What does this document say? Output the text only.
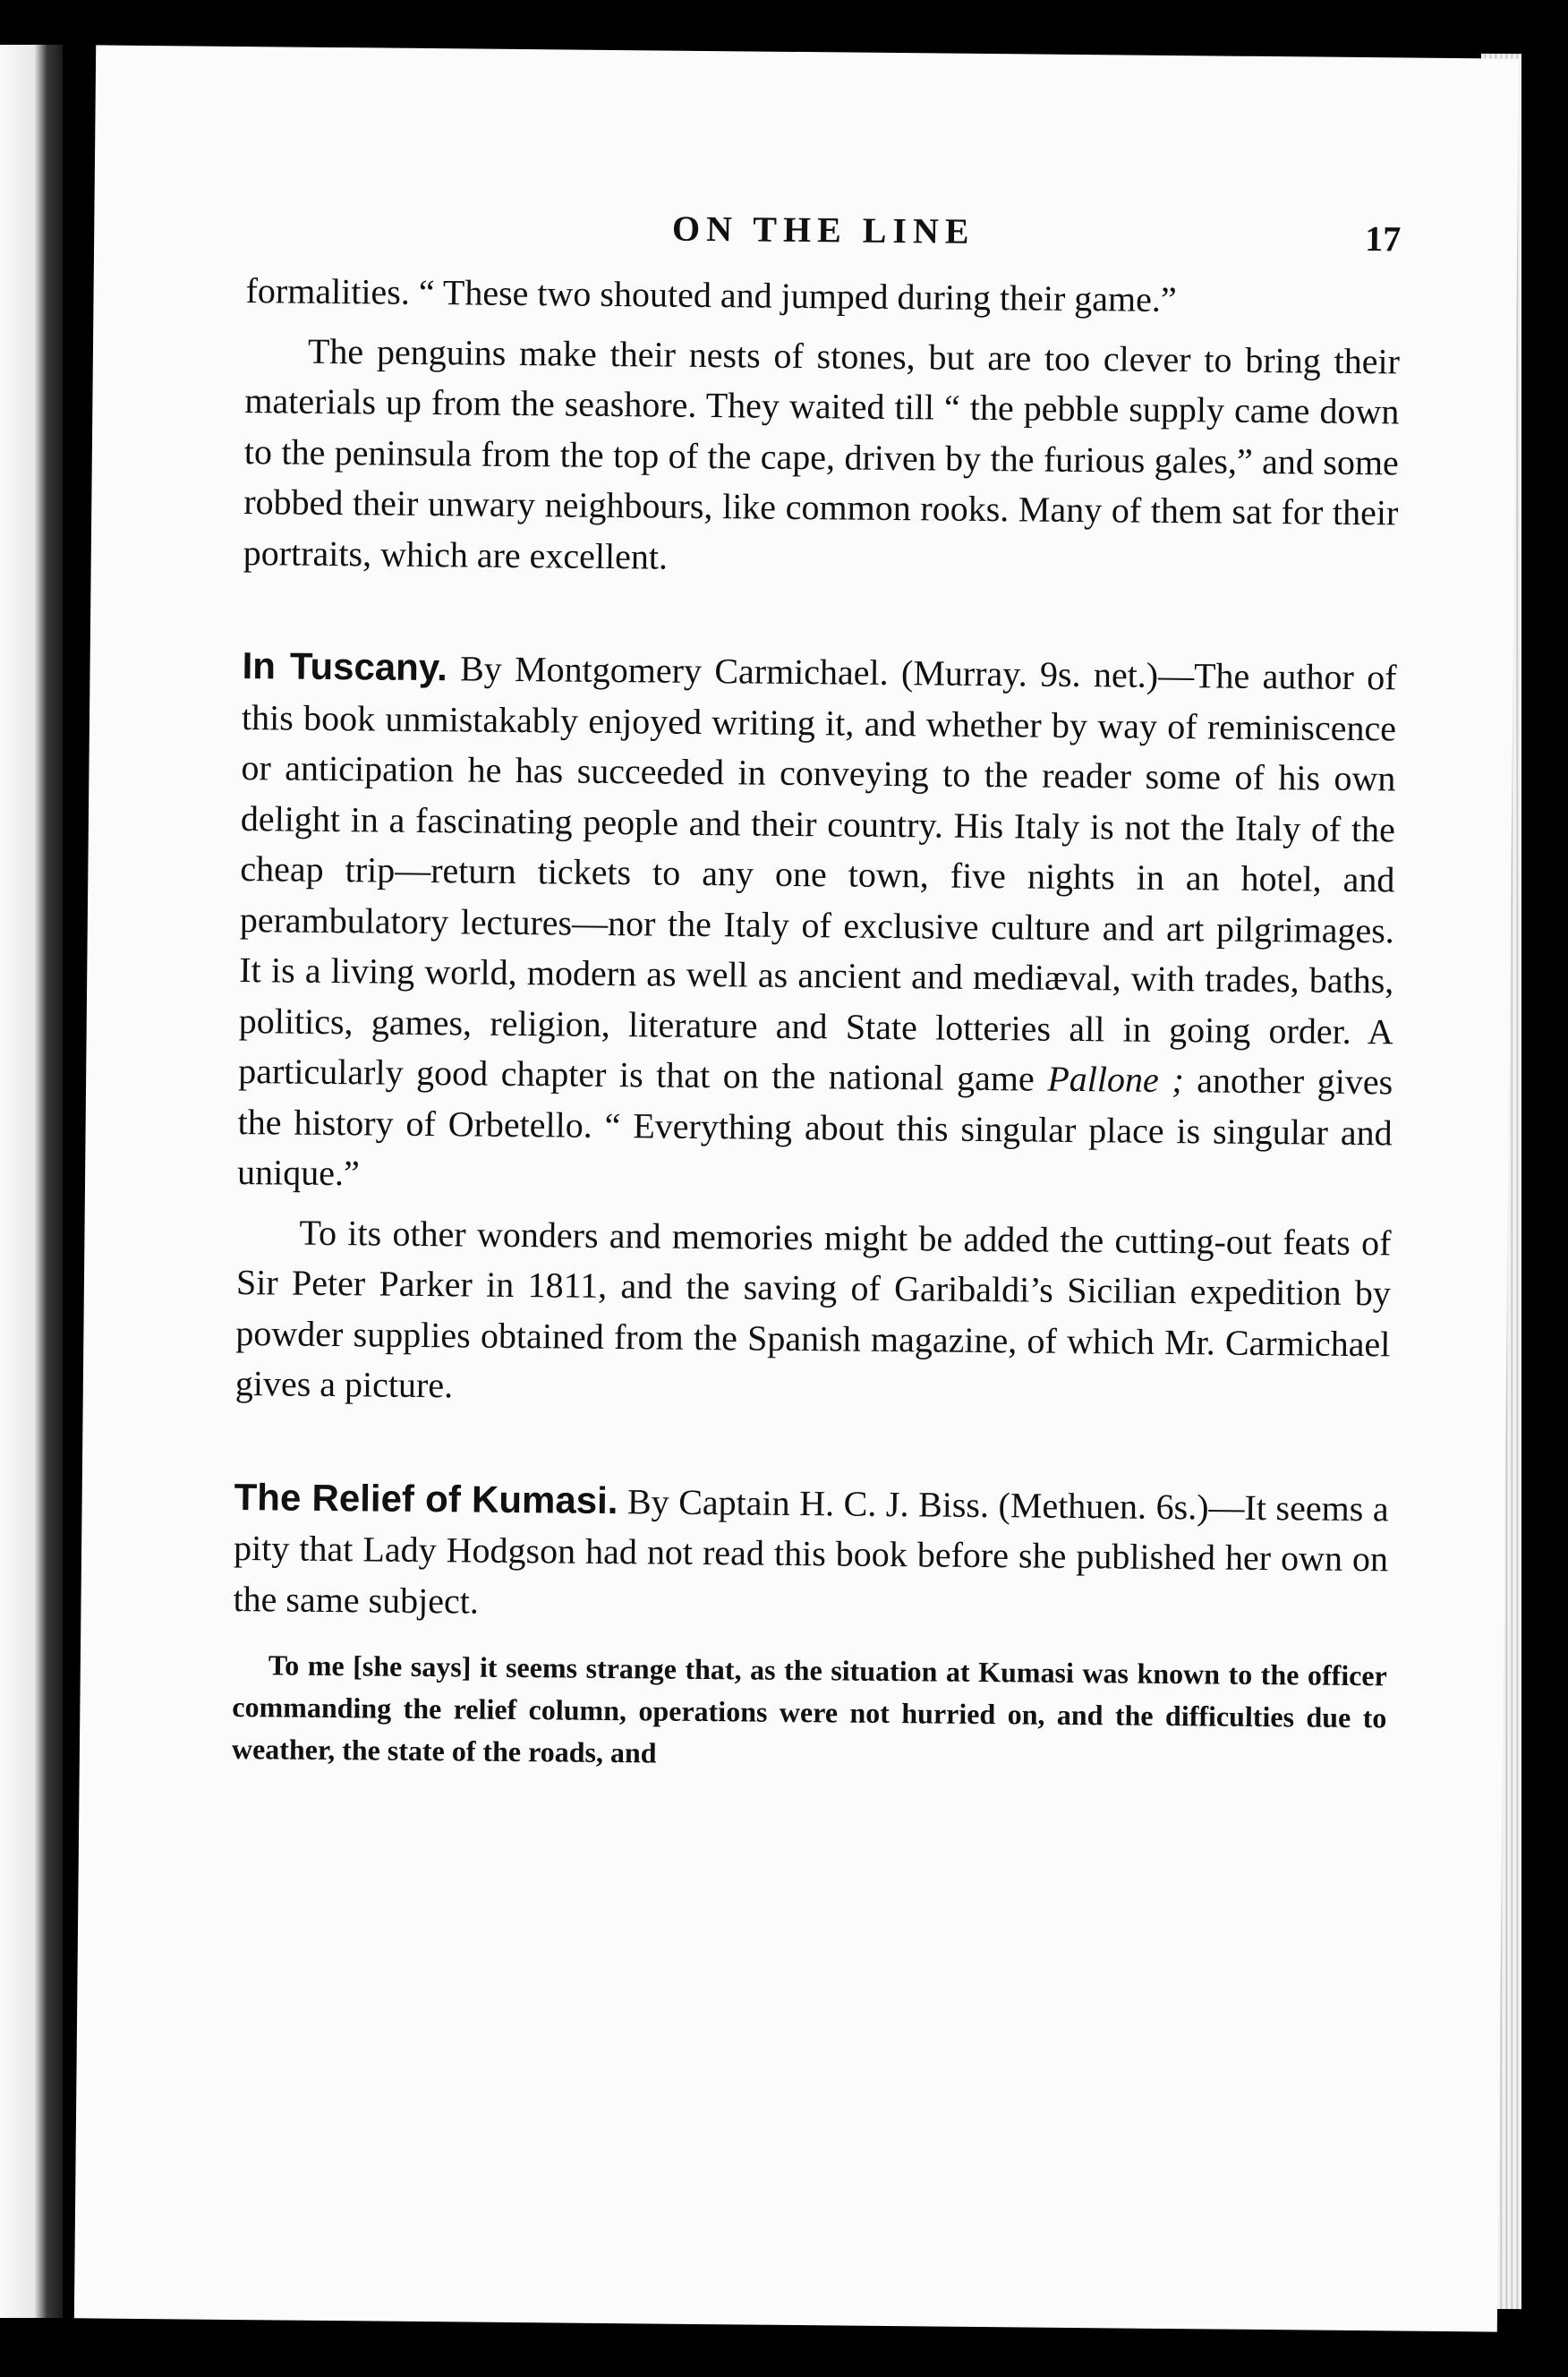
ON THE LINE	17

formalities. “ These two shouted and jumped during their game.”

The penguins make their nests of stones, but are too clever to bring their materials up from the seashore. They waited till “ the pebble supply came down to the peninsula from the top of the cape, driven by the furious gales,” and some robbed their unwary neighbours, like common rooks. Many of them sat for their portraits, which are excellent.

In Tuscany. By Montgomery Carmichael. (Murray. 9s. net.)—The author of this book unmistakably enjoyed writing it, and whether by way of reminiscence or anticipation he has succeeded in conveying to the reader some of his own delight in a fascinating people and their country. His Italy is not the Italy of the cheap trip—return tickets to any one town, five nights in an hotel, and perambulatory lectures—nor the Italy of exclusive culture and art pilgrimages. It is a living world, modern as well as ancient and mediæval, with trades, baths, politics, games, religion, literature and State lotteries all in going order. A particularly good chapter is that on the national game Pallone ; another gives the history of Orbetello. “ Everything about this singular place is singular and unique.”

To its other wonders and memories might be added the cutting-out feats of Sir Peter Parker in 1811, and the saving of Garibaldi’s Sicilian expedition by powder supplies obtained from the Spanish magazine, of which Mr. Carmichael gives a picture.

The Relief of Kumasi. By Captain H. C. J. Biss. (Methuen. 6s.)—It seems a pity that Lady Hodgson had not read this book before she published her own on the same subject.

To me [she says] it seems strange that, as the situation at Kumasi was known to the officer commanding the relief column, operations were not hurried on, and the difficulties due to weather, the state of the roads, and
